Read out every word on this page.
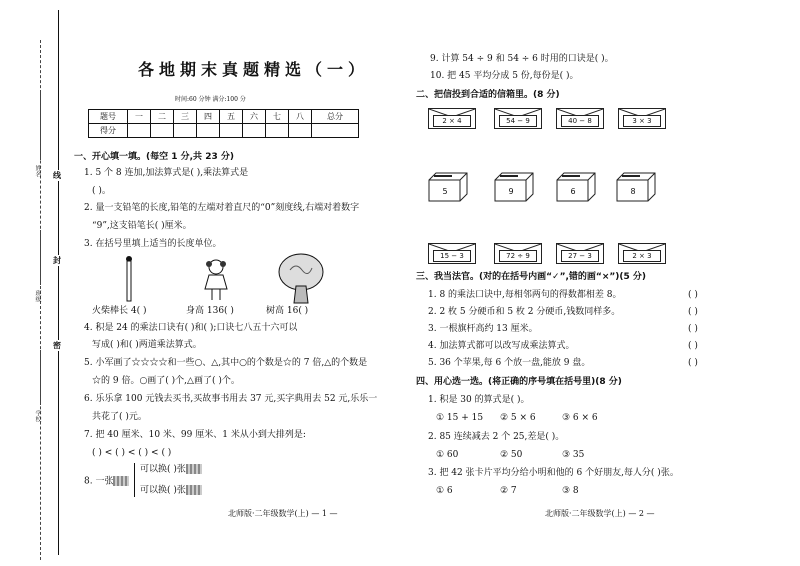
姓名
班级
学校
线
封
密
各地期末真题精选（一）
时间:60 分钟 满分:100 分
题号	一	二	三	四	五	六	七	八	总分
得分									
一、开心填一填。(每空 1 分,共 23 分)
1. 5 个 8 连加,加法算式是( ),乘法算式是
( )。
2. 量一支铅笔的长度,铅笔的左端对着直尺的“0”刻度线,右端对着数字
“9”,这支铅笔长( )厘米。
3. 在括号里填上适当的长度单位。
火柴棒长 4( )	身高 136( )	树高 16( )
4. 积是 24 的乘法口诀有( )和( );口诀七八五十六可以
写成( )和( )两道乘法算式。
5. 小军画了☆☆☆☆和一些○、△,其中○的个数是☆的 7 倍,△的个数是
☆的 9 倍。○画了( )个,△画了( )个。
6. 乐乐拿 100 元钱去买书,买故事书用去 37 元,买字典用去 52 元,乐乐一
共花了( )元。
7. 把 40 厘米、10 米、99 厘米、1 米从小到大排列是:
( ) < ( ) < ( ) < ( )
8. 一张
可以换( )张
可以换( )张
北师版·二年级数学(上) — 1 —
9. 计算 54 ÷ 9 和 54 ÷ 6 时用的口诀是( )。
10. 把 45 平均分成 5 份,每份是( )。
二、把信投到合适的信箱里。(8 分)
2 × 4	54 − 9	40 − 8	3 × 3
5	9	6	8
15 − 3	72 ÷ 9	27 − 3	2 × 3
三、我当法官。(对的在括号内画“✓”,错的画“×”)(5 分)
1. 8 的乘法口诀中,每相邻两句的得数都相差 8。
2. 2 枚 5 分硬币和 5 枚 2 分硬币,钱数同样多。
3. 一根旗杆高约 13 厘米。
4. 加法算式都可以改写成乘法算式。
5. 36 个苹果,每 6 个放一盘,能放 9 盘。
( )
( )
( )
( )
( )
四、用心选一选。(将正确的序号填在括号里)(8 分)
1. 积是 30 的算式是( )。
① 15 + 15 ② 5 × 6	③ 6 × 6
2. 85 连续减去 2 个 25,差是( )。
① 60	② 50	③ 35
3. 把 42 张卡片平均分给小明和他的 6 个好朋友,每人分( )张。
① 6	② 7	③ 8
北师版·二年级数学(上) — 2 —
